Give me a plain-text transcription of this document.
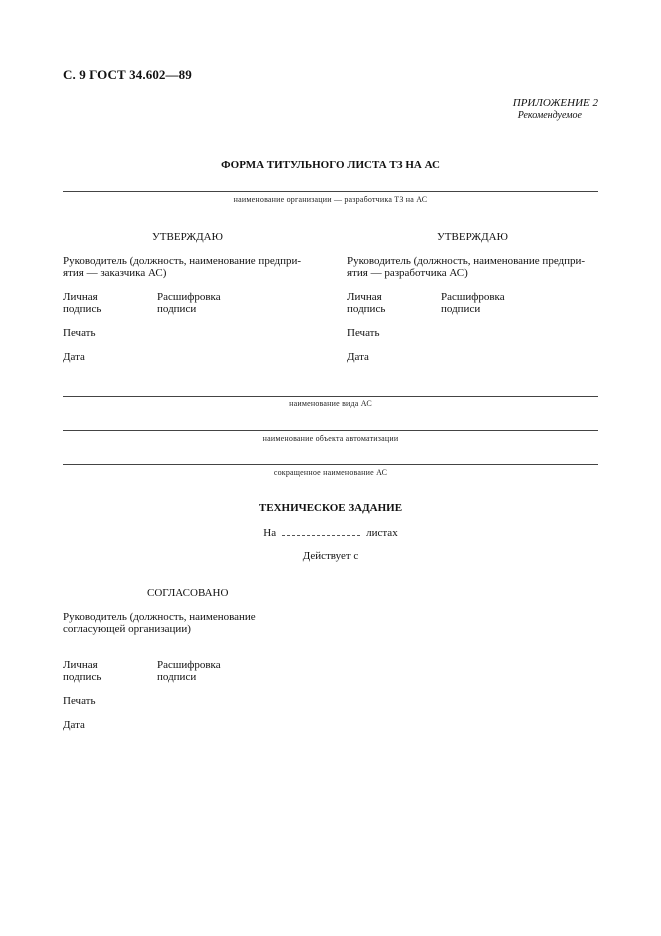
С. 9 ГОСТ 34.602—89
ПРИЛОЖЕНИЕ 2
Рекомендуемое
ФОРМА ТИТУЛЬНОГО ЛИСТА ТЗ НА АС
наименование организации — разработчика ТЗ на АС
УТВЕРЖДАЮ
Руководитель (должность, наименование предпри-
ятия — заказчика АС)
Личная
подпись
Расшифровка
подписи
Печать
Дата
УТВЕРЖДАЮ
Руководитель (должность, наименование предпри-
ятия — разработчика АС)
Личная
подпись
Расшифровка
подписи
Печать
Дата
наименование вида АС
наименование объекта автоматизации
сокращенное наименование АС
ТЕХНИЧЕСКОЕ ЗАДАНИЕ
На	листах
Действует с
СОГЛАСОВАНО
Руководитель (должность, наименование
согласующей организации)
Личная
подпись
Расшифровка
подписи
Печать
Дата
